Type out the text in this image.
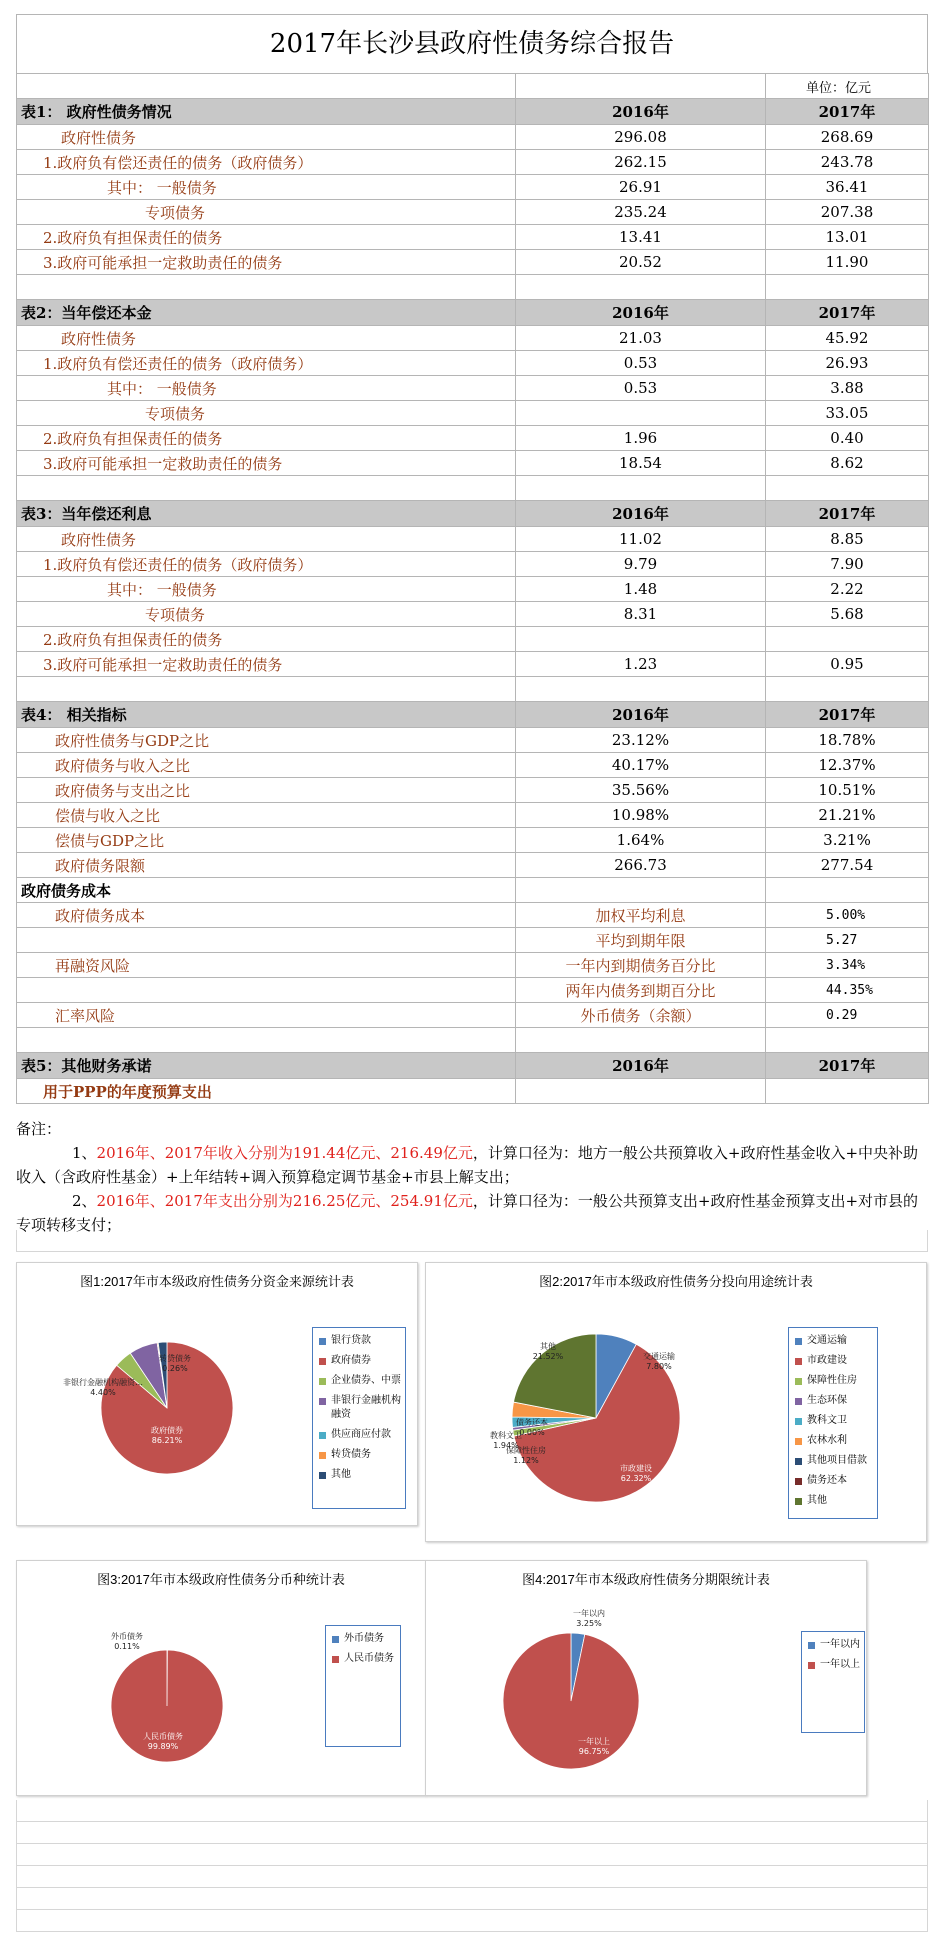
2017年长沙县政府性债务综合报告
		单位：亿元
表1： 政府性债务情况	2016年	2017年
政府性债务	296.08	268.69
1.政府负有偿还责任的债务（政府债务）	262.15	243.78
其中： 一般债务	26.91	36.41
专项债务	235.24	207.38
2.政府负有担保责任的债务	13.41	13.01
3.政府可能承担一定救助责任的债务	20.52	11.90

表2：当年偿还本金	2016年	2017年
政府性债务	21.03	45.92
1.政府负有偿还责任的债务（政府债务）	0.53	26.93
其中： 一般债务	0.53	3.88
专项债务		33.05
2.政府负有担保责任的债务	1.96	0.40
3.政府可能承担一定救助责任的债务	18.54	8.62

表3：当年偿还利息	2016年	2017年
政府性债务	11.02	8.85
1.政府负有偿还责任的债务（政府债务）	9.79	7.90
其中： 一般债务	1.48	2.22
专项债务	8.31	5.68
2.政府负有担保责任的债务		
3.政府可能承担一定救助责任的债务	1.23	0.95

表4： 相关指标	2016年	2017年
政府性债务与GDP之比	23.12%	18.78%
政府债务与收入之比	40.17%	12.37%
政府债务与支出之比	35.56%	10.51%
偿债与收入之比	10.98%	21.21%
偿债与GDP之比	1.64%	3.21%
政府债务限额	266.73	277.54
政府债务成本		
政府债务成本	加权平均利息	5.00%
	平均到期年限	5.27
再融资风险	一年内到期债务百分比	3.34%
	两年内债务到期百分比	44.35%
汇率风险	外币债务（余额）	0.29

表5：其他财务承诺	2016年	2017年
用于PPP的年度预算支出		
备注：
1、2016年、2017年收入分别为191.44亿元、216.49亿元，计算口径为：地方一般公共预算收入+政府性基金收入+中央补助收入（含政府性基金）+上年结转+调入预算稳定调节基金+市县上解支出；
2、2016年、2017年支出分别为216.25亿元、254.91亿元，计算口径为：一般公共预算支出+政府性基金预算支出+对市县的专项转移支付；
图1:2017年市本级政府性债务分资金来源统计表
政府债券
86.21%
非银行金融机构融资…
4.40%
转贷债务
0.26%
银行贷款
政府债券
企业债券、中票
非银行金融机构融资
供应商应付款
转贷债务
其他
图2:2017年市本级政府性债务分投向用途统计表
交通运输
7.80%
市政建设
62.32%
其他
21.52%
债务还本
0.00%
教科文卫
1.94%
保障性住房
1.12%
交通运输
市政建设
保障性住房
生态环保
教科文卫
农林水利
其他项目借款
债务还本
其他
图3:2017年市本级政府性债务分币种统计表
外币债务
0.11%
人民币债务
99.89%
外币债务
人民币债务
图4:2017年市本级政府性债务分期限统计表
一年以内
3.25%
一年以上
96.75%
一年以内
一年以上
